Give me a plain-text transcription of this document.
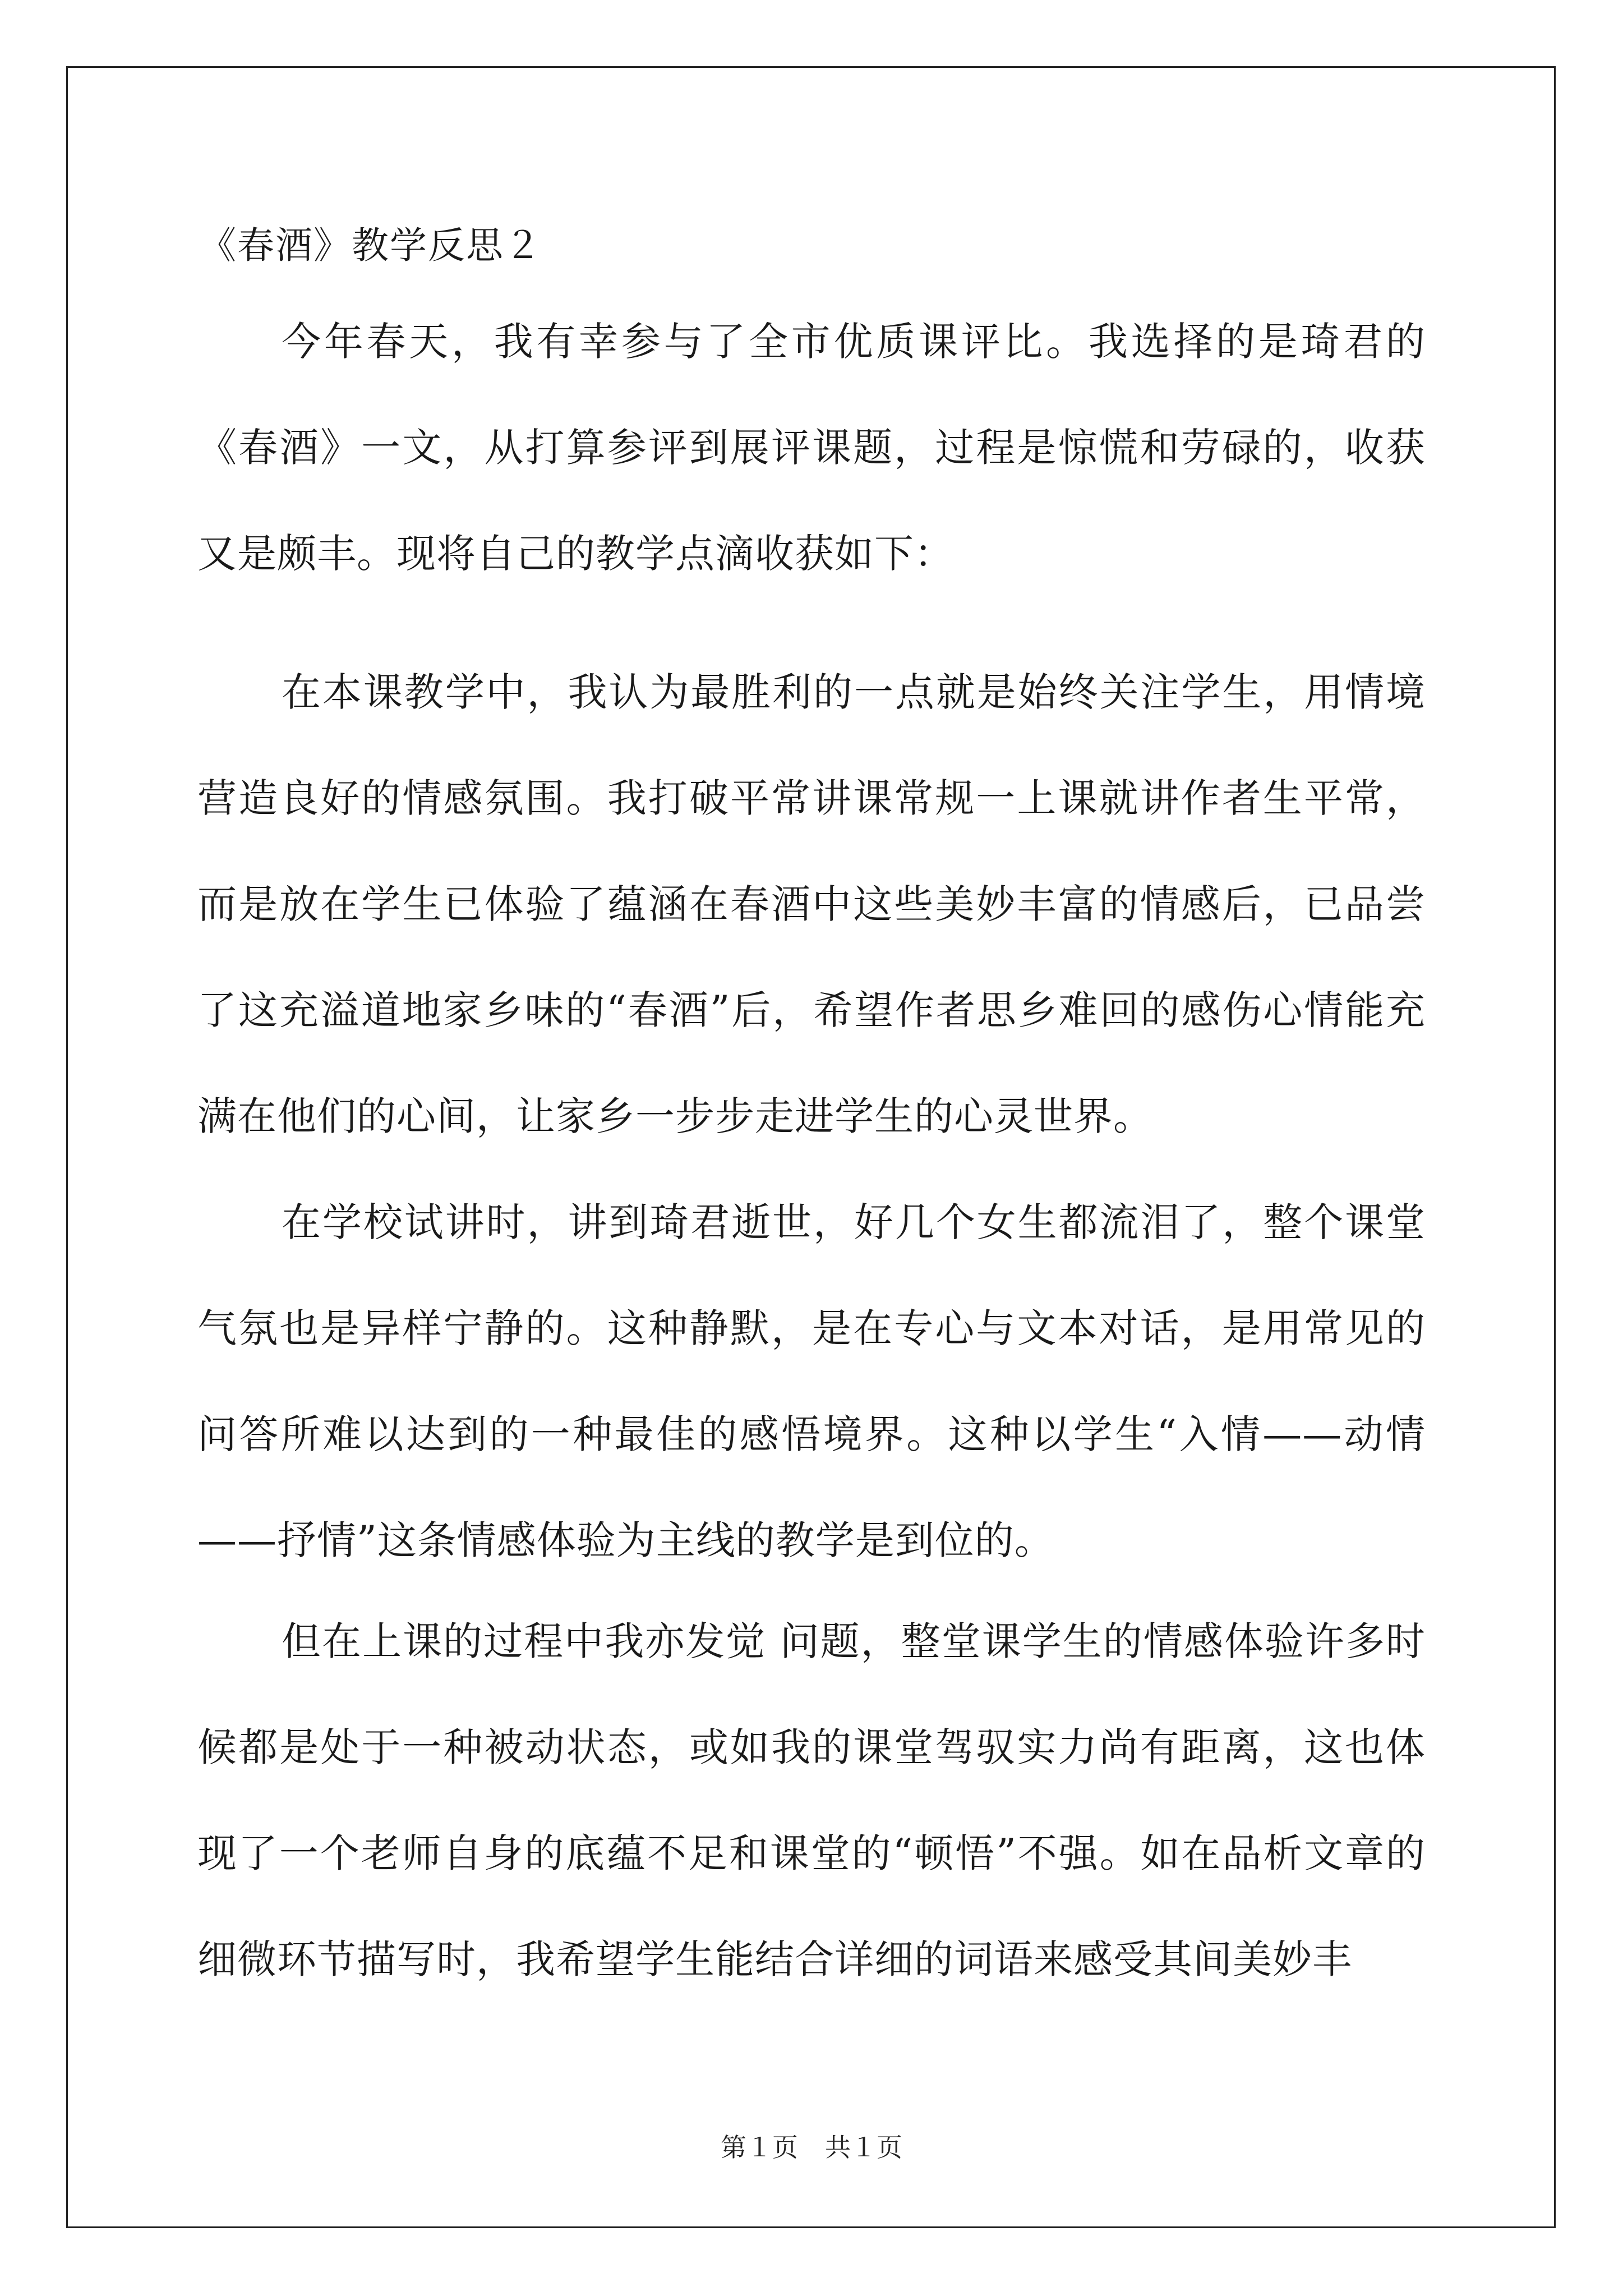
《春酒》教学反思２

今年春天，我有幸参与了全市优质课评比。我选择的是琦君的《春酒》一文，从打算参评到展评课题，过程是惊慌和劳碌的，收获又是颇丰。现将自己的教学点滴收获如下：

在本课教学中，我认为最胜利的一点就是始终关注学生，用情境营造良好的情感氛围。我打破平常讲课常规一上课就讲作者生平常，而是放在学生已体验了蕴涵在春酒中这些美妙丰富的情感后，已品尝了这充溢道地家乡味的“春酒”后，希望作者思乡难回的感伤心情能充满在他们的心间，让家乡一步步走进学生的心灵世界。

在学校试讲时，讲到琦君逝世，好几个女生都流泪了，整个课堂气氛也是异样宁静的。这种静默，是在专心与文本对话，是用常见的问答所难以达到的一种最佳的感悟境界。这种以学生“入情——动情——抒情”这条情感体验为主线的教学是到位的。

但在上课的过程中我亦发觉 问题，整堂课学生的情感体验许多时候都是处于一种被动状态，或如我的课堂驾驭实力尚有距离，这也体现了一个老师自身的底蕴不足和课堂的“顿悟”不强。如在品析文章的细微环节描写时，我希望学生能结合详细的词语来感受其间美妙丰

第１页 共１页
